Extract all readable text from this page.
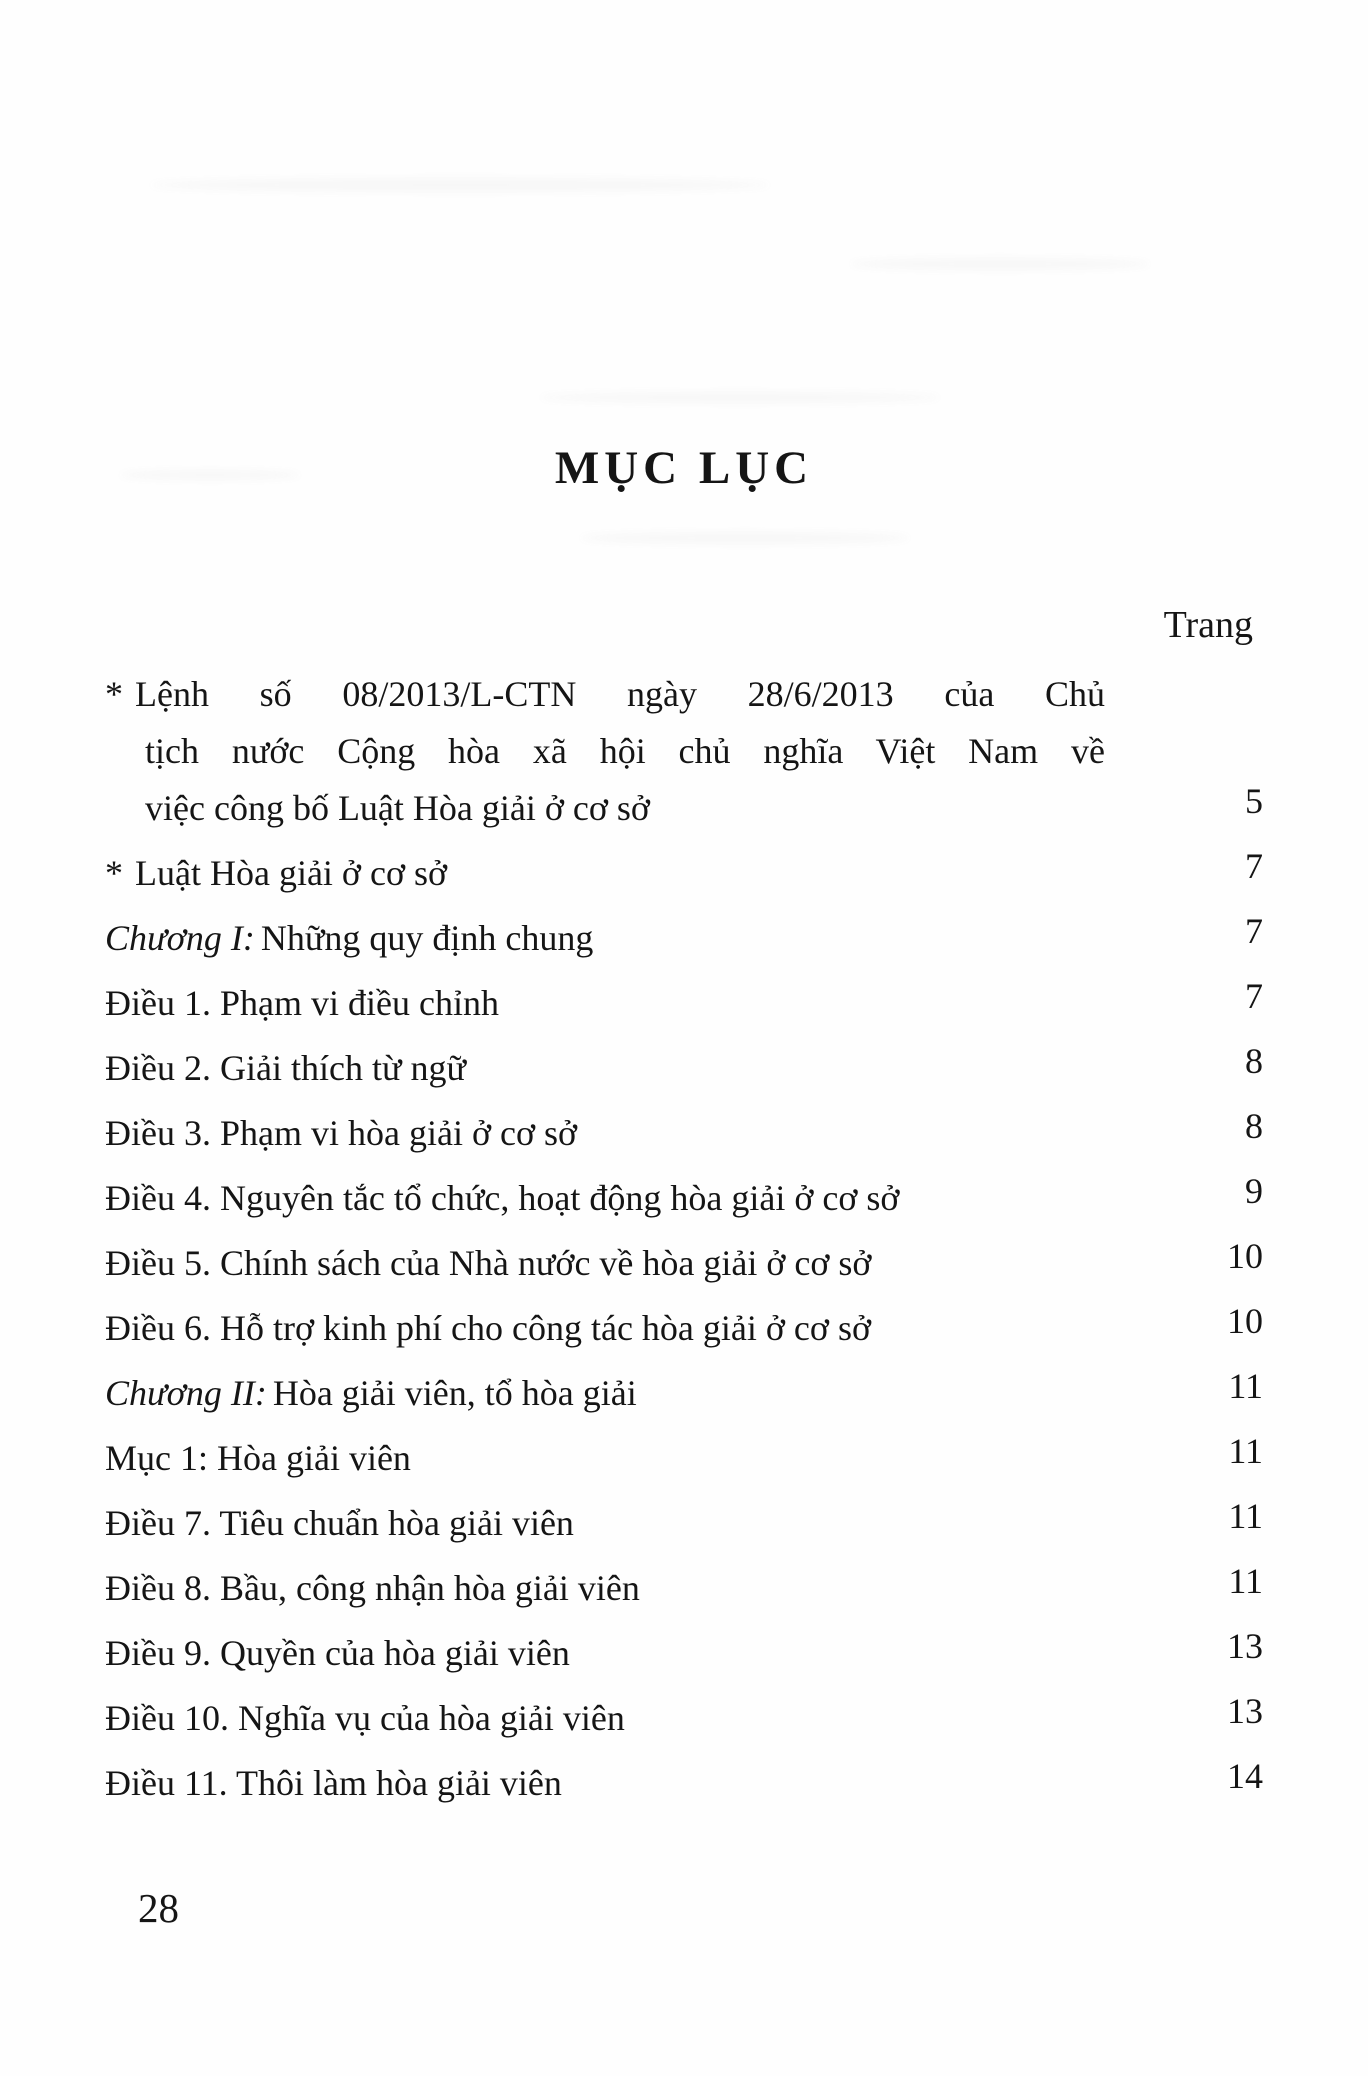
MỤC LỤC
Trang
* Lệnh số 08/2013/L-CTN ngày 28/6/2013 của Chủ
tịch nước Cộng hòa xã hội chủ nghĩa Việt Nam về
việc công bố Luật Hòa giải ở cơ sở	5
* Luật Hòa giải ở cơ sở	7
Chương I: Những quy định chung	7
Điều 1. Phạm vi điều chỉnh	7
Điều 2. Giải thích từ ngữ	8
Điều 3. Phạm vi hòa giải ở cơ sở	8
Điều 4. Nguyên tắc tổ chức, hoạt động hòa giải ở cơ sở	9
Điều 5. Chính sách của Nhà nước về hòa giải ở cơ sở	10
Điều 6. Hỗ trợ kinh phí cho công tác hòa giải ở cơ sở	10
Chương II: Hòa giải viên, tổ hòa giải	11
Mục 1: Hòa giải viên	11
Điều 7. Tiêu chuẩn hòa giải viên	11
Điều 8. Bầu, công nhận hòa giải viên	11
Điều 9. Quyền của hòa giải viên	13
Điều 10. Nghĩa vụ của hòa giải viên	13
Điều 11. Thôi làm hòa giải viên	14
28
